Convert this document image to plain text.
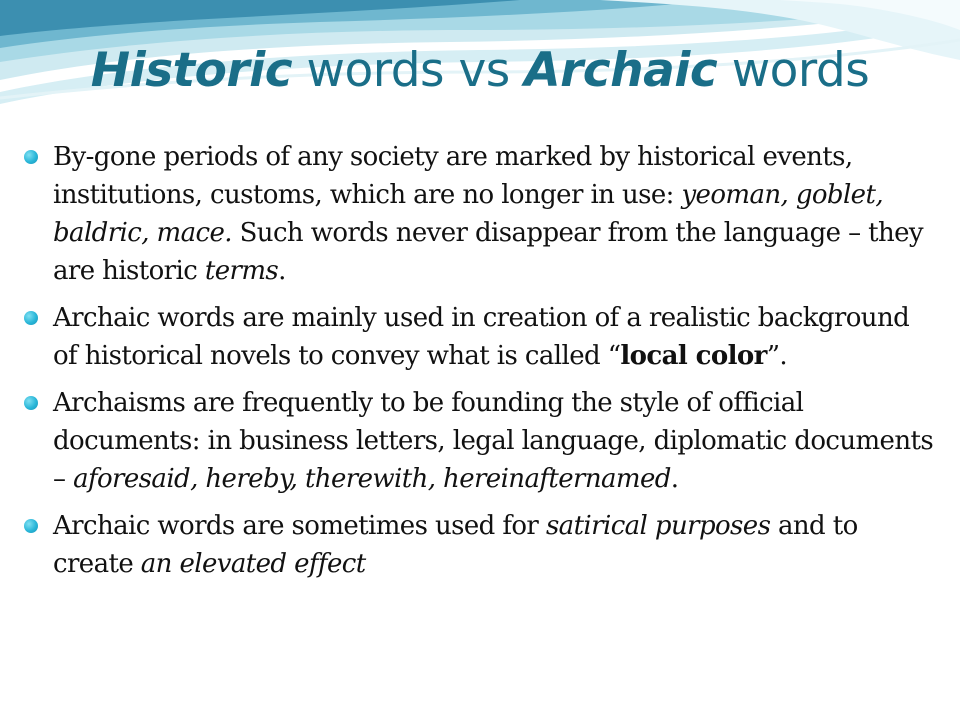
Historic words vs Archaic words
By-gone periods of any society are marked by historical events, institutions, customs, which are no longer in use: yeoman, goblet, baldric, mace. Such words never disappear from the language – they are historic terms.
Archaic words are mainly used in creation of a realistic background of historical novels to convey what is called “local color”.
Archaisms are frequently to be founding the style of official documents: in business letters, legal language, diplomatic documents – aforesaid, hereby, therewith, hereinafternamed.
Archaic words are sometimes used for satirical purposes and to create an elevated effect
